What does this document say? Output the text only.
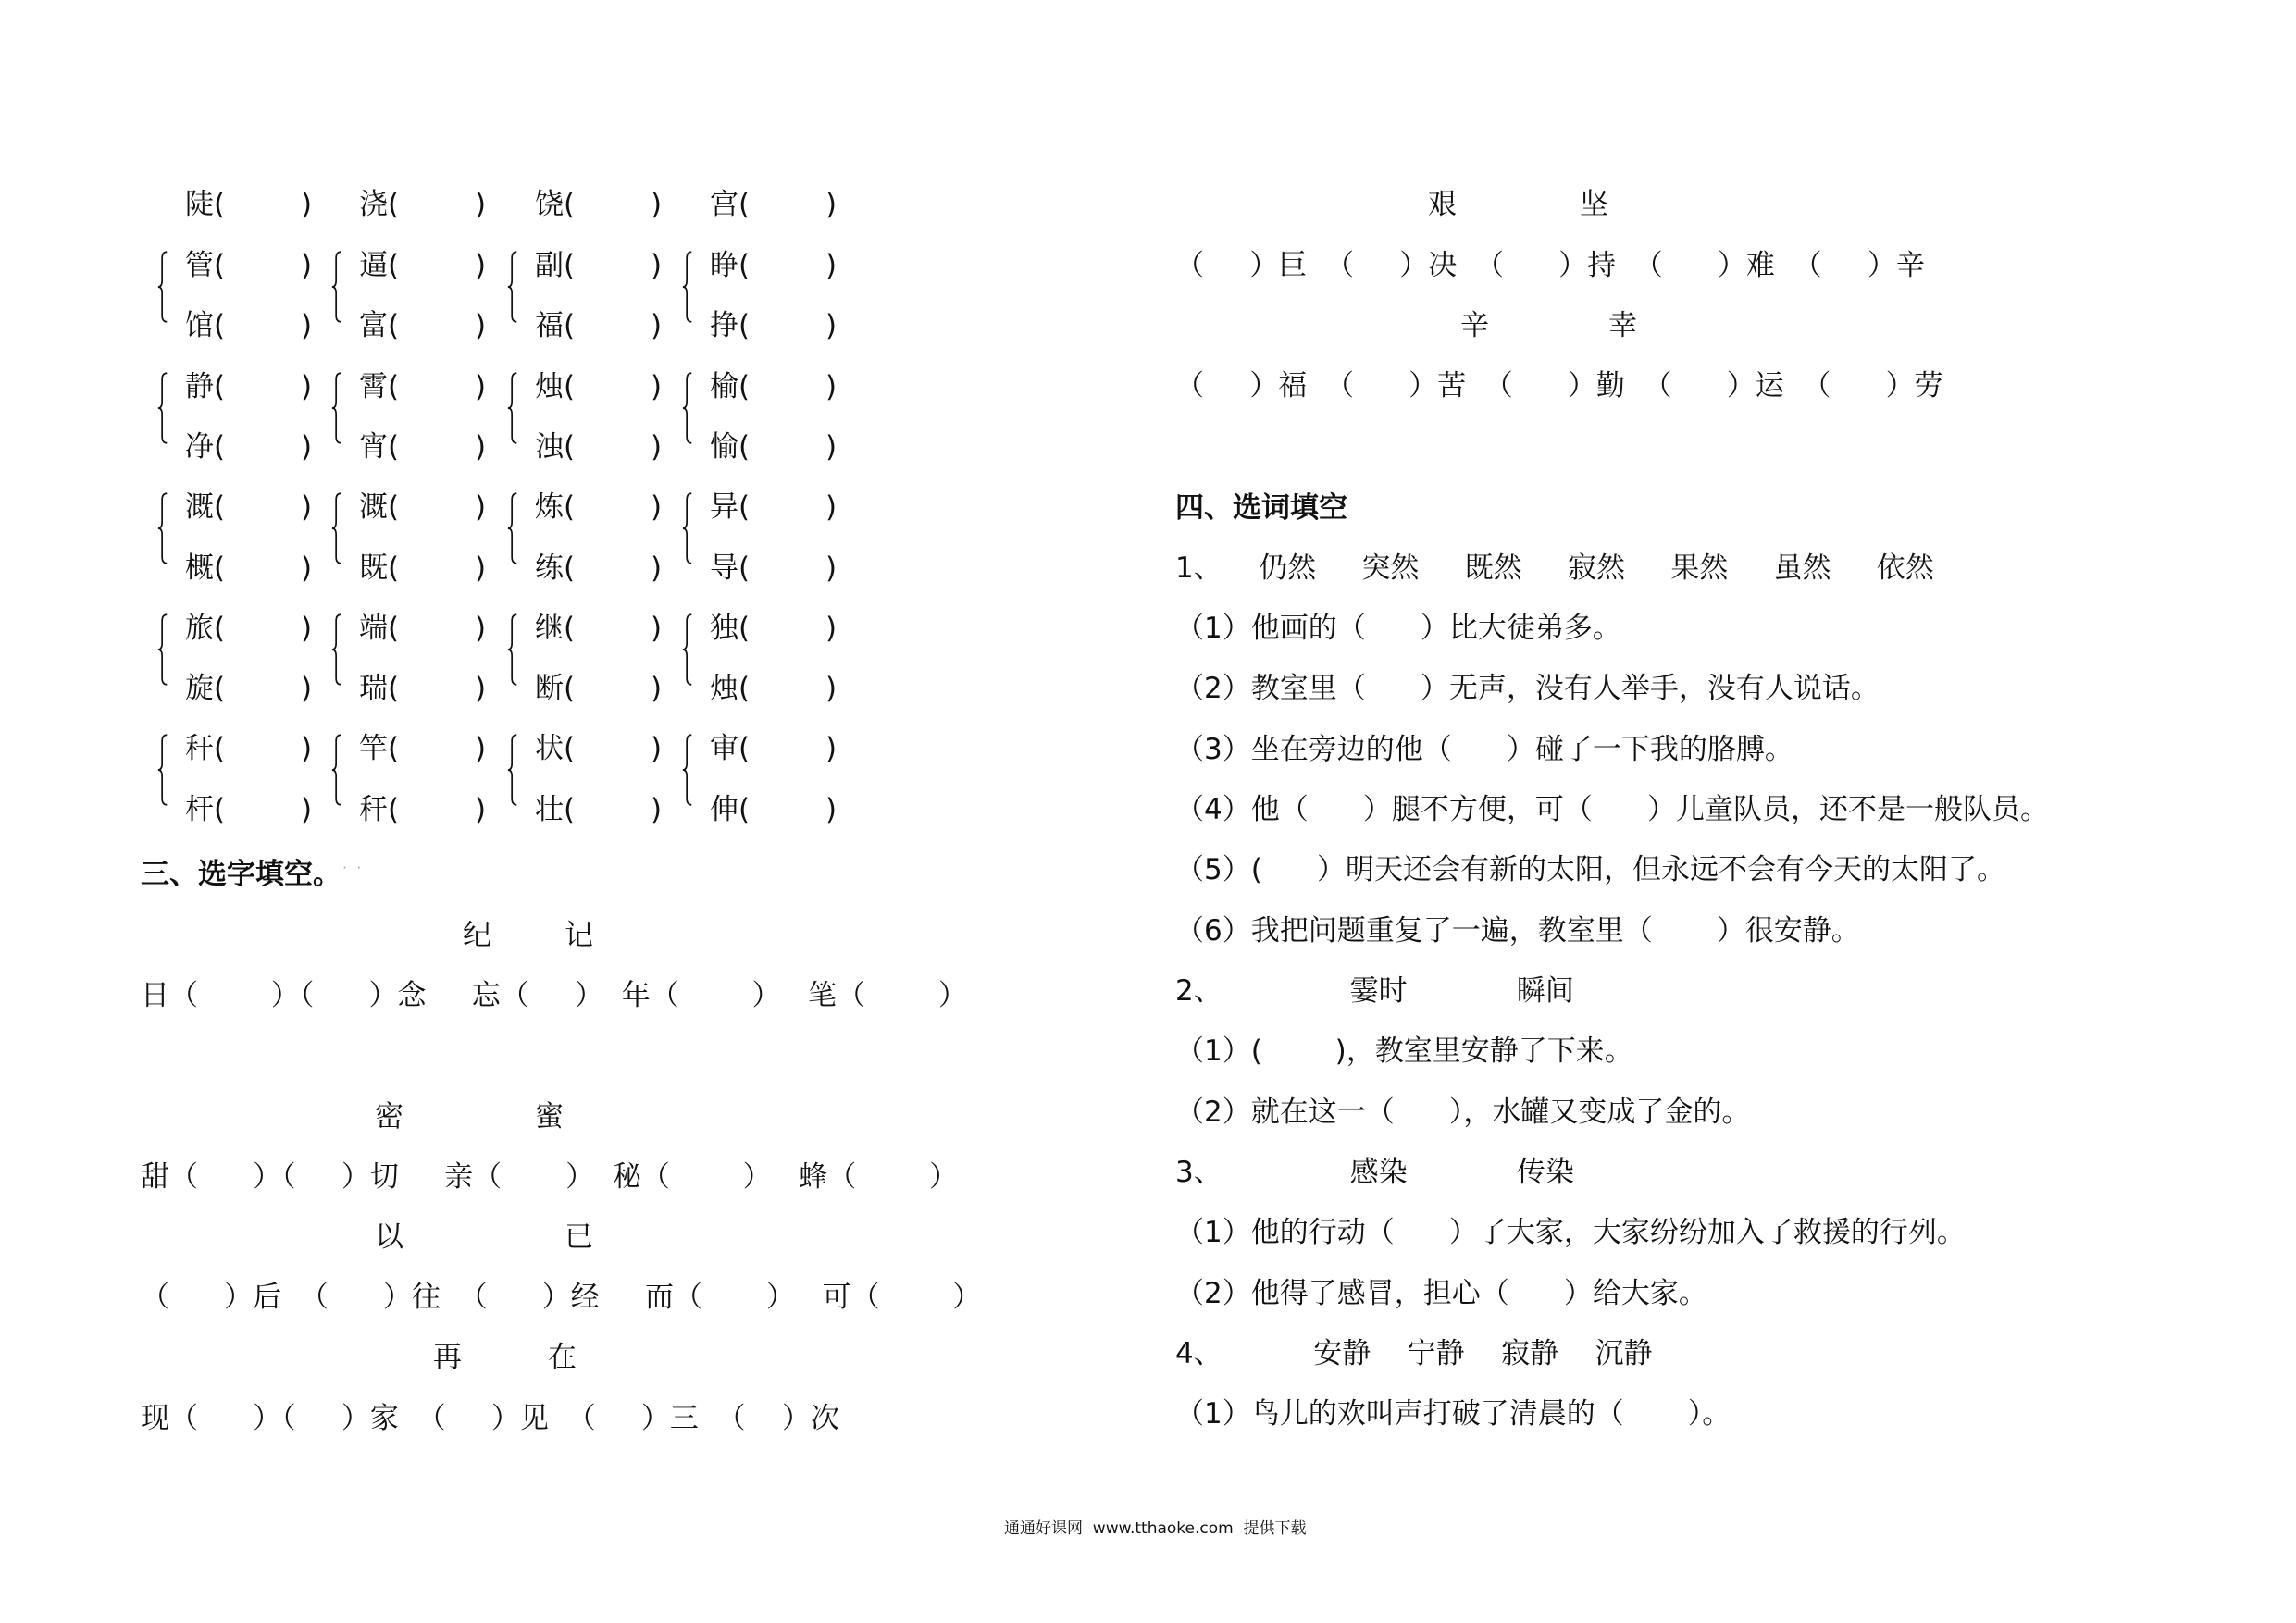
陡(	) 浇(	) 饶(	) 宫(	)
管(	) 逼(	) 副(	) 睁(	)
馆(	) 富(	) 福(	) 挣(	)
静(	) 霄(	) 烛(	) 榆(	)
净(	) 宵(	) 浊(	) 愉(	)
溉(	) 溉(	) 炼(	) 异(	)
概(	) 既(	) 练(	) 导(	)
旅(	) 端(	) 继(	) 独(	)
旋(	) 瑞(	) 断(	) 烛(	)
秆(	) 竿(	) 状(	) 审(	)
杆(	) 秆(	) 壮(	) 伸(	)
三、选字填空。 ·  ·
纪	记
日（        ）（      ）念     忘（     ）  年（        ）   笔（        ）
密	蜜
甜（      ）（     ）切     亲（       ）  秘（        ）   蜂（        ）
以	已
（      ）后  （      ）往  （      ）经     而（       ）   可（        ）
再	在
现（      ）（     ）家  （     ）见  （     ）三  （    ）次
艰	坚
（     ）巨  （     ）决  （      ）持  （      ）难  （     ）辛
辛	幸
（     ）福  （      ）苦  （      ）勤  （      ）运  （      ）劳
四、选词填空
1、    仍然     突然     既然     寂然     果然     虽然     依然
（1）他画的（      ）比大徒弟多。
（2）教室里（      ）无声，没有人举手，没有人说话。
（3）坐在旁边的他（      ）碰了一下我的胳膊。
（4）他（      ）腿不方便，可（      ）儿童队员，还不是一般队员。
（5）(      ）明天还会有新的太阳，但永远不会有今天的太阳了。
（6）我把问题重复了一遍，教室里（       ）很安静。
2、              霎时            瞬间
（1）(        )，教室里安静了下来。
（2）就在这一（      ），水罐又变成了金的。
3、              感染            传染
（1）他的行动（      ）了大家，大家纷纷加入了救援的行列。
（2）他得了感冒，担心（      ）给大家。
4、          安静    宁静    寂静    沉静
（1）鸟儿的欢叫声打破了清晨的（       ）。
通通好课网  www.tthaoke.com  提供下载
